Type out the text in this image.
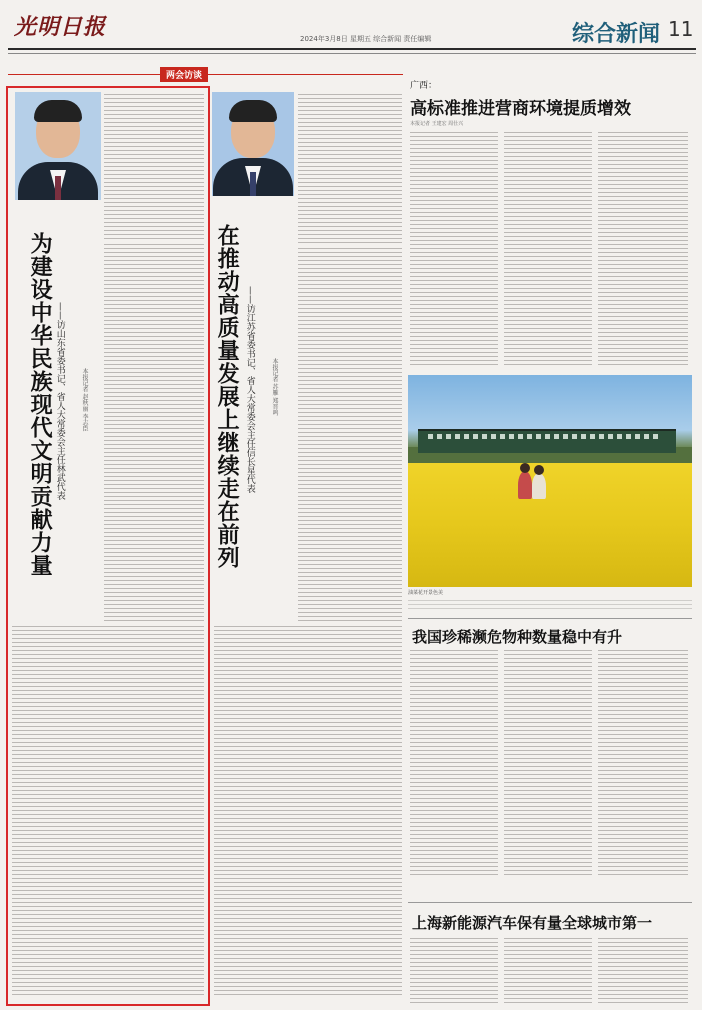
光明日报	2024年3月8日 星期五 综合新闻 责任编辑	综合新闻 11
两会访谈
为建设中华民族现代文明贡献力量 ——访山东省委书记、省人大常委会主任林武代表	本报记者 赵秋丽 李志臣	在推动高质量发展上继续走在前列 ——访江苏省委书记、省人大常委会主任信长星代表	本报记者 苏雁 郑晋鸣
广西：
高标准推进营商环境提质增效
本报记者 王建宏 周仕兴
油菜花开景色美
我国珍稀濒危物种数量稳中有升
上海新能源汽车保有量全球城市第一
